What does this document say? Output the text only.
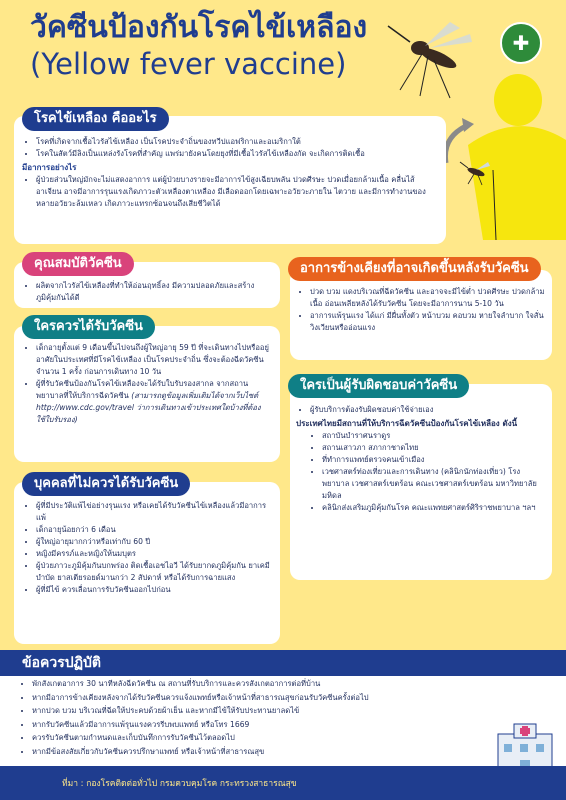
วัคซีนป้องกันโรคไข้เหลือง
(Yellow fever vaccine)
✚
โรคไข้เหลือง คืออะไร
• โรคที่เกิดจากเชื้อไวรัสไข้เหลือง เป็นโรคประจำถิ่นของทวีปแอฟริกาและอเมริกาใต้
• โรคในสัตว์มีลิงเป็นแหล่งรังโรคที่สำคัญ แพร่มายังคนโดยยุงที่มีเชื้อไวรัสไข้เหลืองกัด จะเกิดการติดเชื้อ
มีอาการอย่างไร
• ผู้ป่วยส่วนใหญ่มักจะไม่แสดงอาการ แต่ผู้ป่วยบางรายจะมีอาการไข้สูงเฉียบพลัน ปวดศีรษะ ปวดเมื่อยกล้ามเนื้อ คลื่นไส้อาเจียน อาจมีอาการรุนแรงเกิดภาวะตัวเหลืองตาเหลือง มีเลือดออกโดยเฉพาะอวัยวะภายใน ไตวาย และมีการทำงานของหลายอวัยวะล้มเหลว เกิดภาวะแทรกซ้อนจนถึงเสียชีวิตได้
คุณสมบัติวัคซีน
• ผลิตจากไวรัสไข้เหลืองที่ทำให้อ่อนฤทธิ์ลง มีความปลอดภัยและสร้างภูมิคุ้มกันได้ดี
ใครควรได้รับวัคซีน
• เด็กอายุตั้งแต่ 9 เดือนขึ้นไปจนถึงผู้ใหญ่อายุ 59 ปี ที่จะเดินทางไปหรืออยู่อาศัยในประเทศที่มีโรคไข้เหลือง เป็นโรคประจำถิ่น ซึ่งจะต้องฉีดวัคซีนจำนวน 1 ครั้ง ก่อนการเดินทาง 10 วัน
• ผู้ที่รับวัคซีนป้องกันโรคไข้เหลืองจะได้รับใบรับรองสากล จากสถานพยาบาลที่ให้บริการฉีดวัคซีน (สามารถดูข้อมูลเพิ่มเติมได้จากเว็บไซต์ http://www.cdc.gov/travel ว่าการเดินทางเข้าประเทศใดบ้างที่ต้องใช้ใบรับรอง)
บุคคลที่ไม่ควรได้รับวัคซีน
• ผู้ที่มีประวัติแพ้ไข่อย่างรุนแรง หรือเคยได้รับวัคซีนไข้เหลืองแล้วมีอาการแพ้
• เด็กอายุน้อยกว่า 6 เดือน
• ผู้ใหญ่อายุมากกว่าหรือเท่ากับ 60 ปี
• หญิงมีครรภ์และหญิงให้นมบุตร
• ผู้ป่วยภาวะภูมิคุ้มกันบกพร่อง ติดเชื้อเอชไอวี ได้รับยากดภูมิคุ้มกัน ยาเคมีบำบัด ยาสเตียรอยด์มานกว่า 2 สัปดาห์ หรือได้รับการฉายแสง
• ผู้ที่มีไข้ ควรเลื่อนการรับวัคซีนออกไปก่อน
อาการข้างเคียงที่อาจเกิดขึ้นหลังรับวัคซีน
• ปวด บวม แดงบริเวณที่ฉีดวัคซีน และอาจจะมีไข้ต่ำ ปวดศีรษะ ปวดกล้ามเนื้อ อ่อนเพลียหลังได้รับวัคซีน โดยจะมีอาการนาน 5-10 วัน
• อาการแพ้รุนแรง ได้แก่ มีผื่นทั้งตัว หน้าบวม คอบวม หายใจลำบาก ใจสั่น วิงเวียนหรืออ่อนแรง
ใครเป็นผู้รับผิดชอบค่าวัคซีน
• ผู้รับบริการต้องรับผิดชอบค่าใช้จ่ายเอง
ประเทศไทยมีสถานที่ให้บริการฉีดวัคซีนป้องกันโรคไข้เหลือง ดังนี้
• สถาบันบำราศนราดูร
• สถานเสาวภา สภากาชาดไทย
• ที่ทำการแพทย์ตรวจคนเข้าเมือง
• เวชศาสตร์ท่องเที่ยวและการเดินทาง (คลินิกนักท่องเที่ยว) โรงพยาบาล เวชศาสตร์เขตร้อน คณะเวชศาสตร์เขตร้อน มหาวิทยาลัยมหิดล
• คลินิกส่งเสริมภูมิคุ้มกันโรค คณะแพทยศาสตร์ศิริราชพยาบาล ฯลฯ
ข้อควรปฏิบัติ
• พักสังเกตอาการ 30 นาทีหลังฉีดวัคซีน ณ สถานที่รับบริการและควรสังเกตอาการต่อที่บ้าน
• หากมีอาการข้างเคียงหลังจากได้รับวัคซีนควรแจ้งแพทย์หรือเจ้าหน้าที่สาธารณสุขก่อนรับวัคซีนครั้งต่อไป
• หากปวด บวม บริเวณที่ฉีดให้ประคบด้วยผ้าเย็น และหากมีไข้ให้รับประทานยาลดไข้
• หากรับวัคซีนแล้วมีอาการแพ้รุนแรงควรรีบพบแพทย์ หรือโทร 1669
• ควรรับวัคซีนตามกำหนดและเก็บบันทึกการรับวัคซีนไว้ตลอดไป
• หากมีข้อสงสัยเกี่ยวกับวัคซีนควรปรึกษาแพทย์ หรือเจ้าหน้าที่สาธารณสุข
ที่มา : กองโรคติดต่อทั่วไป กรมควบคุมโรค กระทรวงสาธารณสุข
